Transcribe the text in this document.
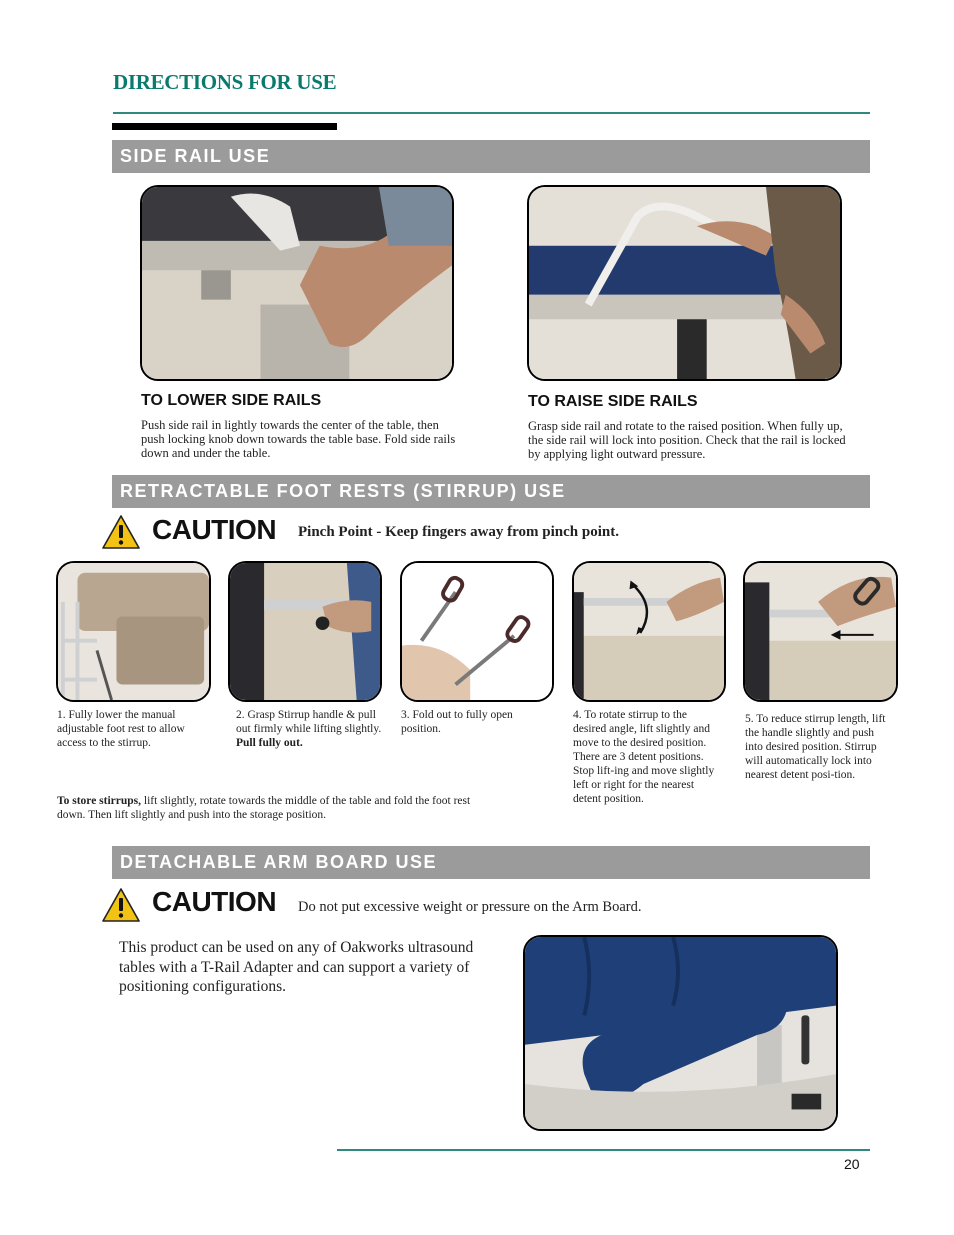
DIRECTIONS FOR USE
SIDE RAIL USE
TO LOWER SIDE RAILS
Push side rail in lightly towards the center of the table, then push locking knob down towards the table base. Fold side rails down and under the table.
TO RAISE SIDE RAILS
Grasp side rail and rotate to the raised position. When fully up, the side rail will lock into position. Check that the rail is locked by applying light outward pressure.
RETRACTABLE FOOT RESTS (STIRRUP) USE
CAUTION Pinch Point - Keep fingers away from pinch point.
1. Fully lower the manual adjustable foot rest to allow access to the stirrup.
2. Grasp Stirrup handle & pull out firmly while lifting slightly. Pull fully out.
3. Fold out to fully open position.
4. To rotate stirrup to the desired angle, lift slightly and move to the desired position. There are 3 detent positions. Stop lift-ing and move slightly left or right for the nearest detent position.
5. To reduce stirrup length, lift the handle slightly and push into desired position. Stirrup will automatically lock into nearest detent posi-tion.
To store stirrups, lift slightly, rotate towards the middle of the table and fold the foot rest down. Then lift slightly and push into the storage position.
DETACHABLE ARM BOARD USE
CAUTION Do not put excessive weight or pressure on the Arm Board.
This product can be used on any of Oakworks ultrasound tables with a T-Rail Adapter and can support a variety of positioning configurations.
20
